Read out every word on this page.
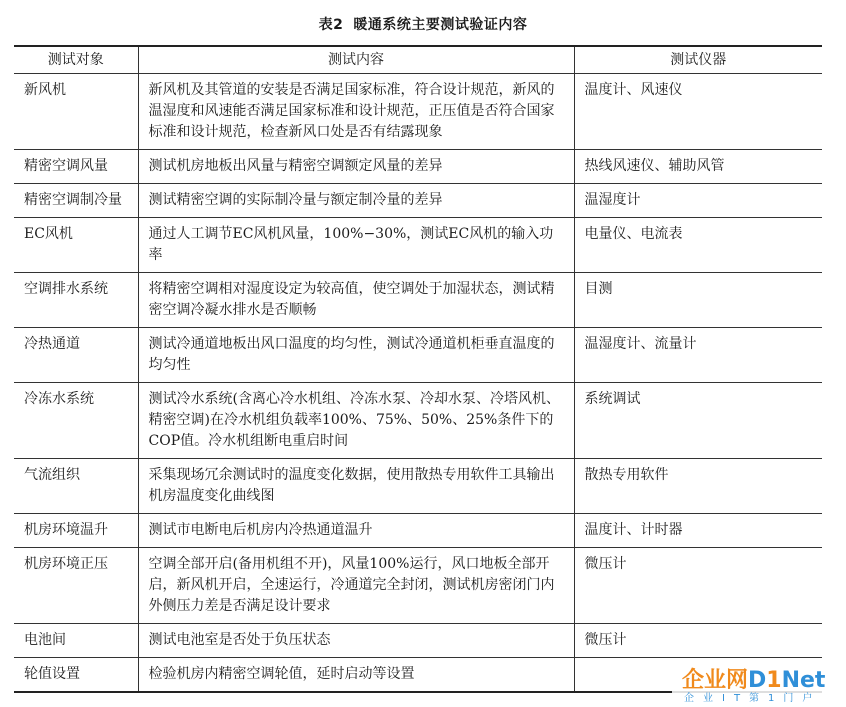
表2 暖通系统主要测试验证内容
测试对象	测试内容	测试仪器
新风机	新风机及其管道的安装是否满足国家标准，符合设计规范，新风的温湿度和风速能否满足国家标准和设计规范，正压值是否符合国家标准和设计规范，检查新风口处是否有结露现象	温度计、风速仪
精密空调风量	测试机房地板出风量与精密空调额定风量的差异	热线风速仪、辅助风管
精密空调制冷量	测试精密空调的实际制冷量与额定制冷量的差异	温湿度计
EC风机	通过人工调节EC风机风量，100%−30%，测试EC风机的输入功率	电量仪、电流表
空调排水系统	将精密空调相对湿度设定为较高值，使空调处于加湿状态，测试精密空调冷凝水排水是否顺畅	目测
冷热通道	测试冷通道地板出风口温度的均匀性，测试冷通道机柜垂直温度的均匀性	温湿度计、流量计
冷冻水系统	测试冷水系统(含离心冷水机组、冷冻水泵、冷却水泵、冷塔风机、精密空调)在冷水机组负载率100%、75%、50%、25%条件下的COP值。冷水机组断电重启时间	系统调试
气流组织	采集现场冗余测试时的温度变化数据，使用散热专用软件工具输出机房温度变化曲线图	散热专用软件
机房环境温升	测试市电断电后机房内冷热通道温升	温度计、计时器
机房环境正压	空调全部开启(备用机组不开)，风量100%运行，风口地板全部开启，新风机开启，全速运行，冷通道完全封闭，测试机房密闭门内外侧压力差是否满足设计要求	微压计
电池间	测试电池室是否处于负压状态	微压计
轮值设置	检验机房内精密空调轮值，延时启动等设置		企业网D1Net
企业IT第1门户
